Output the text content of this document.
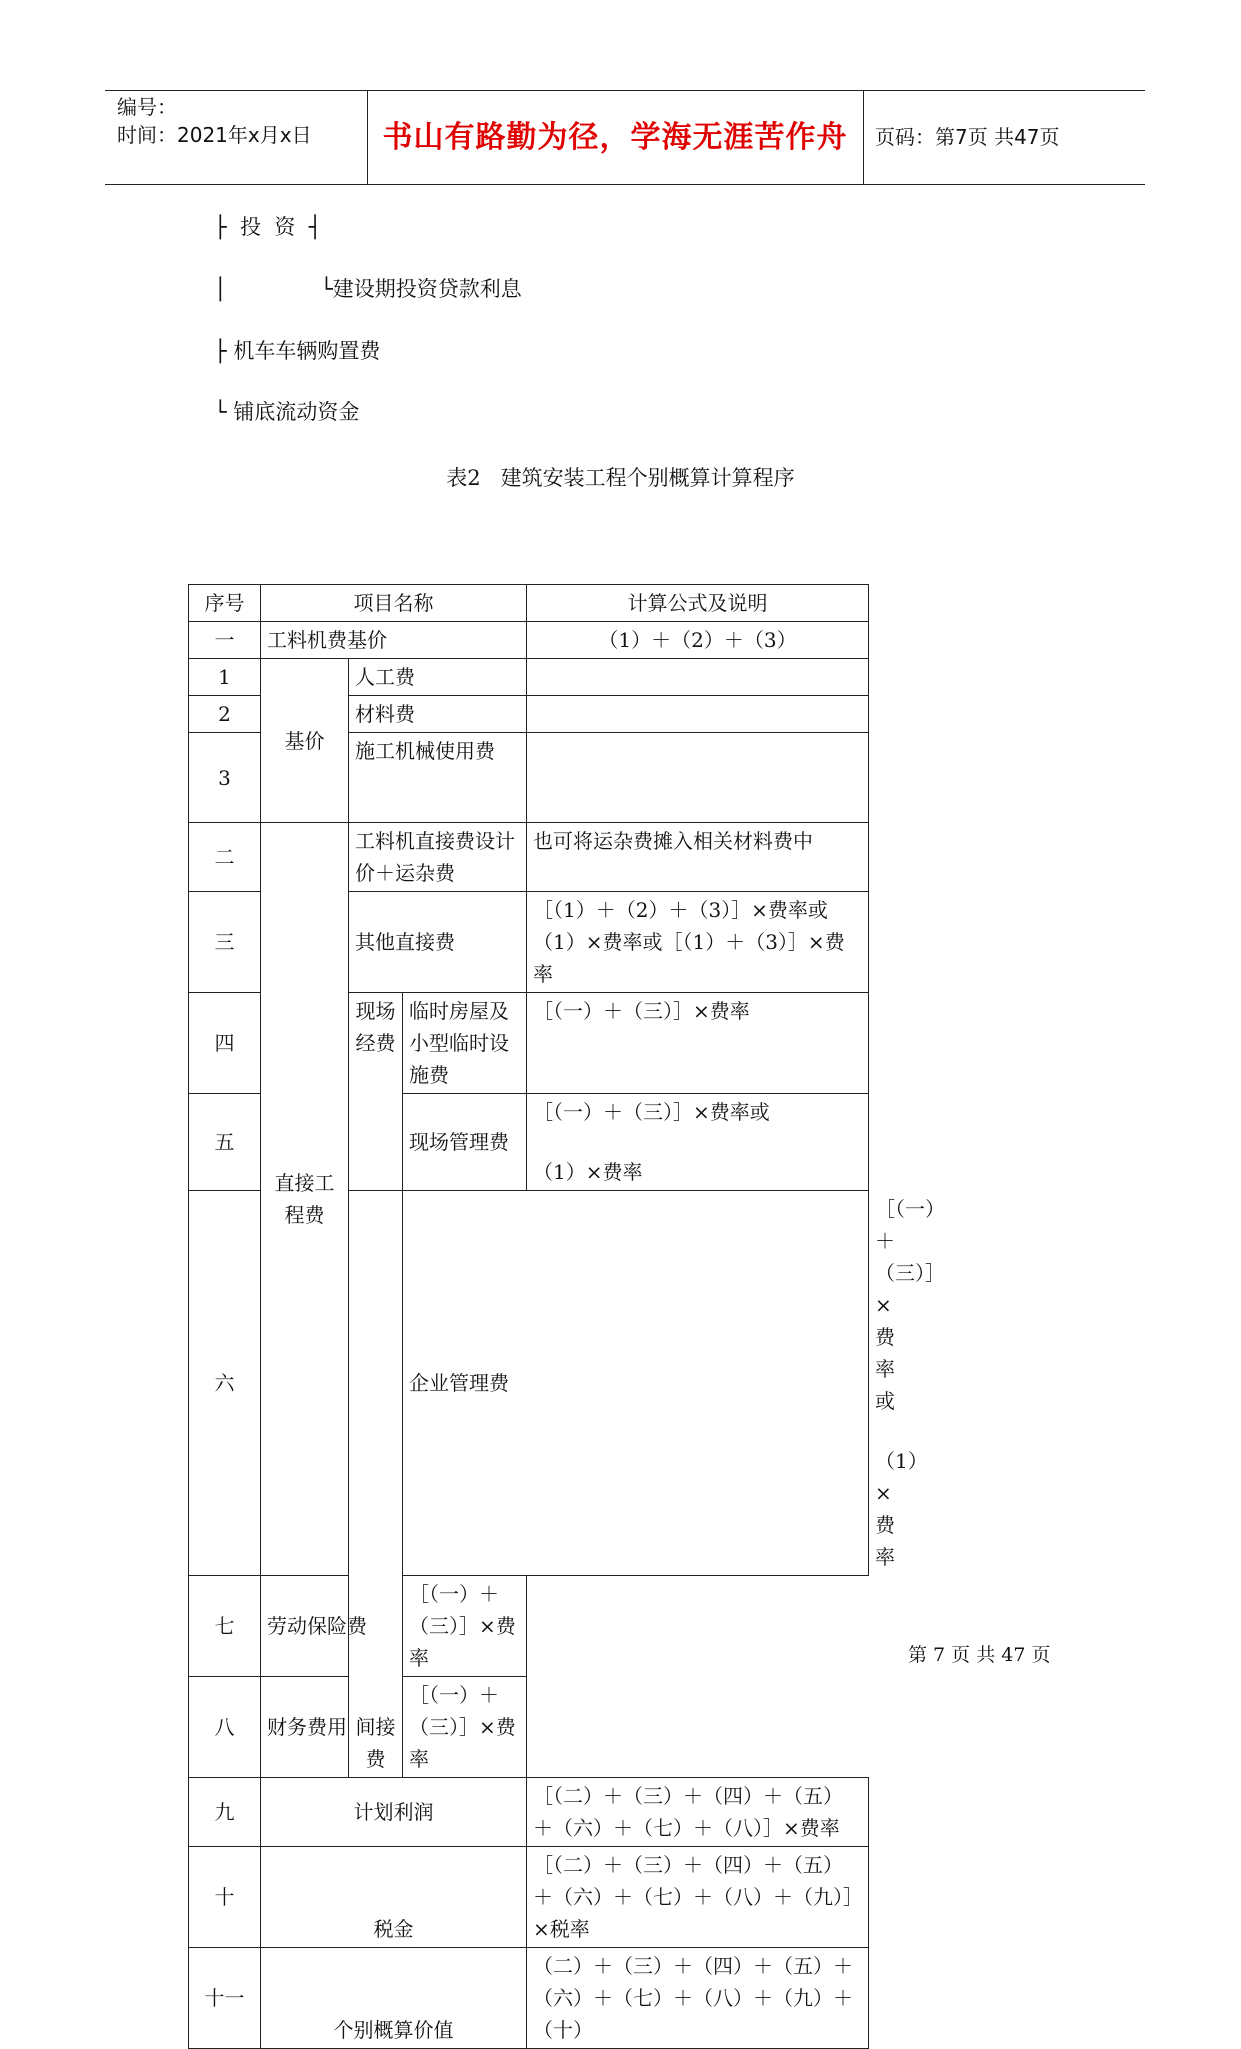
编号：
时间：2021年x月x日	书山有路勤为径，学海无涯苦作舟	页码：第7页 共47页
├  投  资  ┤
│              └建设期投资贷款利息
├ 机车车辆购置费
└ 铺底流动资金
表2   建筑安装工程个别概算计算程序
序号	项目名称			计算公式及说明	
一	工料机费基价			（1）＋（2）＋（3）	
1	基价	人工费			
2		材料费			
3		施工机械使用费			
二	直接工程费	工料机直接费设计价＋运杂费		也可将运杂费摊入相关材料费中	
三		其他直接费		［（1）＋（2）＋（3）］×费率或（1）×费率或［（1）＋（3）］×费率	
四		现场经费	临时房屋及小型临时设施费	［（一）＋（三）］×费率	
五			现场管理费	［（一）＋（三）］×费率或
（1）×费率	

六		间接费	企业管理费		［（一）＋（三）］×费率或
（1）×费率

七	劳动保险费		［（一）＋（三）］×费率		
八	财务费用		［（一）＋（三）］×费率		
九	计划利润			［（二）＋（三）＋（四）＋（五）＋（六）＋（七）＋（八）］×费率	
十	税金			［（二）＋（三）＋（四）＋（五）＋（六）＋（七）＋（八）＋（九）］×税率	
十一	个别概算价值			（二）＋（三）＋（四）＋（五）＋（六）＋（七）＋（八）＋（九）＋（十）	
第 7 页 共 47 页
